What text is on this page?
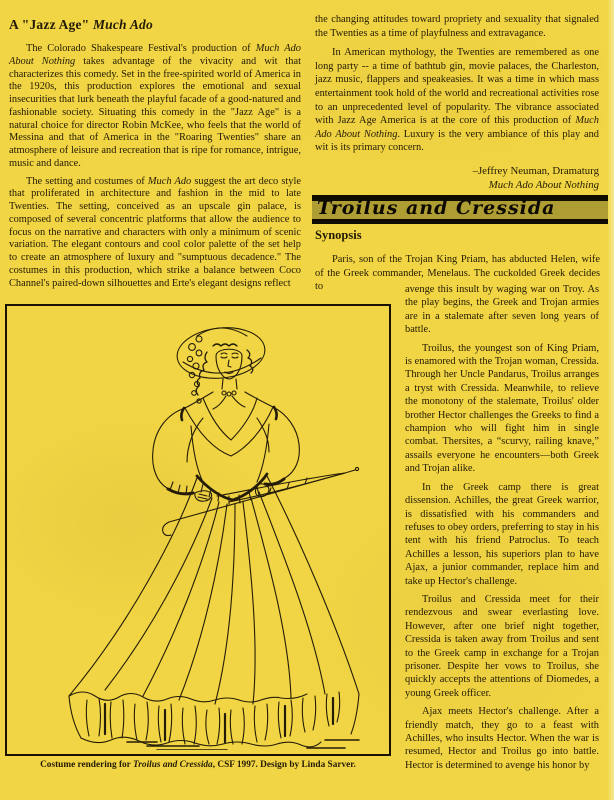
A "Jazz Age" Much Ado

The Colorado Shakespeare Festival's production of Much Ado About Nothing takes advantage of the vivacity and wit that characterizes this comedy. Set in the free-spirited world of America in the 1920s, this production explores the emotional and sexual insecurities that lurk beneath the playful facade of a good-natured and fashionable society. Situating this comedy in the "Jazz Age" is a natural choice for director Robin McKee, who feels that the world of Messina and that of America in the "Roaring Twenties" share an atmosphere of leisure and recreation that is ripe for romance, intrigue, music and dance.

The setting and costumes of Much Ado suggest the art deco style that proliferated in architecture and fashion in the mid to late Twenties. The setting, conceived as an upscale gin palace, is composed of several concentric platforms that allow the audience to focus on the narrative and characters with only a minimum of scenic variation. The elegant contours and cool color palette of the set help to create an atmosphere of luxury and "sumptuous decadence." The costumes in this production, which strike a balance between Coco Channel's paired-down silhouettes and Erte's elegant designs reflect

Costume rendering for Troilus and Cressida, CSF 1997. Design by Linda Sarver.

the changing attitudes toward propriety and sexuality that signaled the Twenties as a time of playfulness and extravagance.

In American mythology, the Twenties are remembered as one long party -- a time of bathtub gin, movie palaces, the Charleston, jazz music, flappers and speakeasies. It was a time in which mass entertainment took hold of the world and recreational activities rose to an unprecedented level of popularity. The vibrance associated with Jazz Age America is at the core of this production of Much Ado About Nothing. Luxury is the very ambiance of this play and wit is its primary concern.

–Jeffrey Neuman, Dramaturg
Much Ado About Nothing
Troilus and Cressida
Synopsis

Paris, son of the Trojan King Priam, has abducted Helen, wife of the Greek commander, Menelaus. The cuckolded Greek decides to	avenge this insult by waging war on Troy. As the play begins, the Greek and Trojan armies are in a stalemate after seven long years of battle.

Troilus, the youngest son of King Priam, is enamored with the Trojan woman, Cressida. Through her Uncle Pandarus, Troilus arranges a tryst with Cressida. Meanwhile, to relieve the monotony of the stalemate, Troilus' older brother Hector challenges the Greeks to find a champion who will fight him in single combat. Thersites, a “scurvy, railing knave,” assails everyone he encounters—both Greek and Trojan alike.

In the Greek camp there is great dissension. Achilles, the great Greek warrior, is dissatisfied with his commanders and refuses to obey orders, preferring to stay in his tent with his friend Patroclus. To teach Achilles a lesson, his superiors plan to have Ajax, a junior commander, replace him and take up Hector's challenge.

Troilus and Cressida meet for their rendezvous and swear everlasting love. However, after one brief night together, Cressida is taken away from Troilus and sent to the Greek camp in exchange for a Trojan prisoner. Despite her vows to Troilus, she quickly accepts the attentions of Diomedes, a young Greek officer.

Ajax meets Hector's challenge. After a friendly match, they go to a feast with Achilles, who insults Hector. When the war is resumed, Hector and Troilus go into battle. Hector is determined to avenge his honor by
